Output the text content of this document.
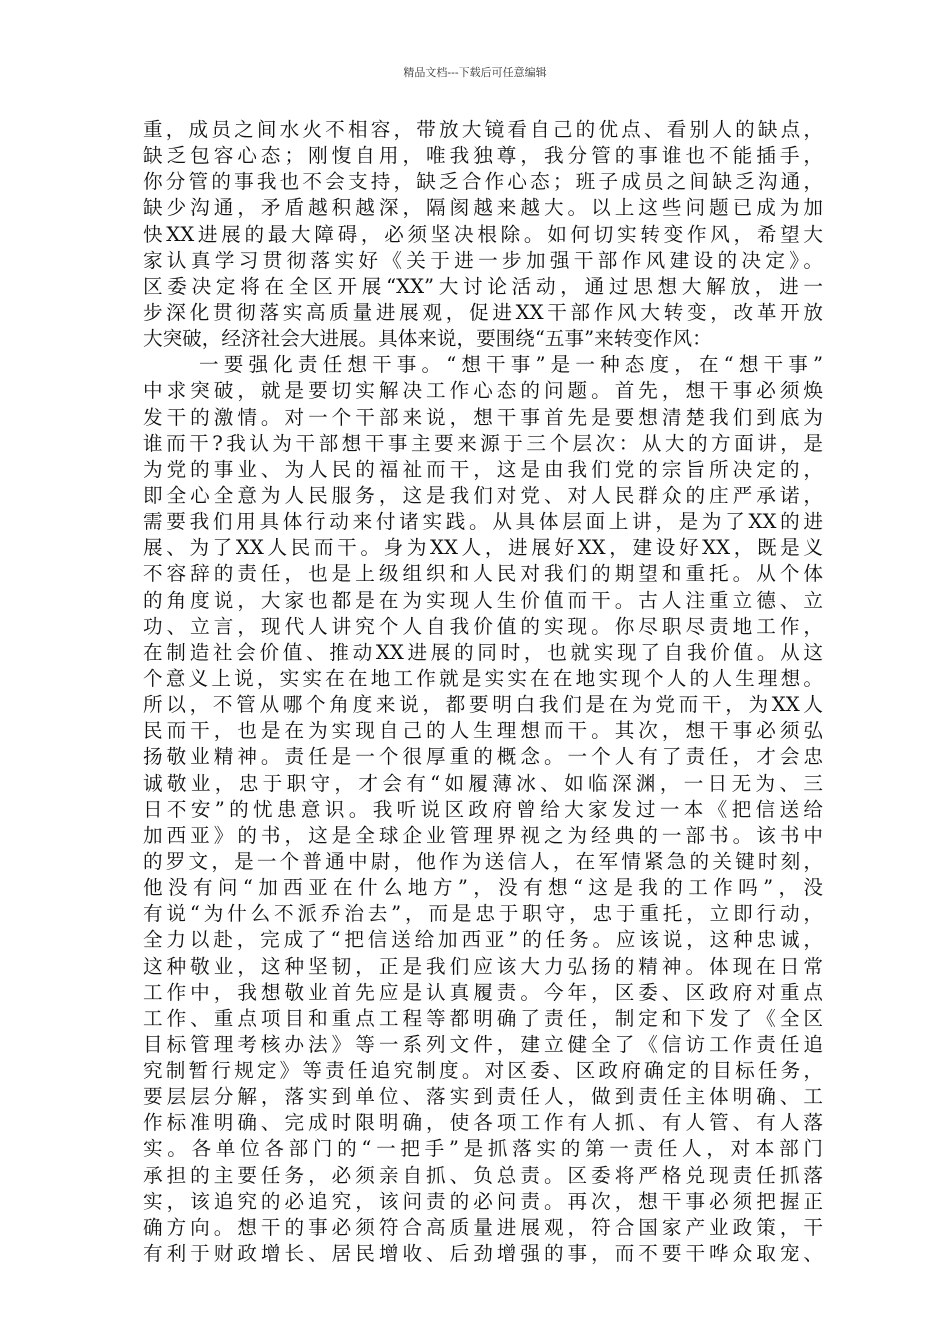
精品文档---下载后可任意编辑
重，成员之间水火不相容，带放大镜看自己的优点、看别人的缺点，
缺乏包容心态；刚愎自用，唯我独尊，我分管的事谁也不能插手，
你分管的事我也不会支持，缺乏合作心态；班子成员之间缺乏沟通，
缺少沟通，矛盾越积越深，隔阂越来越大。以上这些问题已成为加
快XX进展的最大障碍，必须坚决根除。如何切实转变作风，希望大
家认真学习贯彻落实好《关于进一步加强干部作风建设的决定》。
区委决定将在全区开展“XX”大讨论活动，通过思想大解放，进一
步深化贯彻落实高质量进展观，促进XX干部作风大转变，改革开放
大突破，经济社会大进展。具体来说，要围绕“五事”来转变作风：
一要强化责任想干事。“想干事”是一种态度，在“想干事”
中求突破，就是要切实解决工作心态的问题。首先，想干事必须焕
发干的激情。对一个干部来说，想干事首先是要想清楚我们到底为
谁而干?我认为干部想干事主要来源于三个层次：从大的方面讲，是
为党的事业、为人民的福祉而干，这是由我们党的宗旨所决定的，
即全心全意为人民服务，这是我们对党、对人民群众的庄严承诺，
需要我们用具体行动来付诸实践。从具体层面上讲，是为了XX的进
展、为了XX人民而干。身为XX人，进展好XX，建设好XX，既是义
不容辞的责任，也是上级组织和人民对我们的期望和重托。从个体
的角度说，大家也都是在为实现人生价值而干。古人注重立德、立
功、立言，现代人讲究个人自我价值的实现。你尽职尽责地工作，
在制造社会价值、推动XX进展的同时，也就实现了自我价值。从这
个意义上说，实实在在地工作就是实实在在地实现个人的人生理想。
所以，不管从哪个角度来说，都要明白我们是在为党而干，为XX人
民而干，也是在为实现自己的人生理想而干。其次，想干事必须弘
扬敬业精神。责任是一个很厚重的概念。一个人有了责任，才会忠
诚敬业，忠于职守，才会有“如履薄冰、如临深渊，一日无为、三
日不安”的忧患意识。我听说区政府曾给大家发过一本《把信送给
加西亚》的书，这是全球企业管理界视之为经典的一部书。该书中
的罗文，是一个普通中尉，他作为送信人，在军情紧急的关键时刻，
他没有问“加西亚在什么地方”，没有想“这是我的工作吗”，没
有说“为什么不派乔治去”，而是忠于职守，忠于重托，立即行动，
全力以赴，完成了“把信送给加西亚”的任务。应该说，这种忠诚，
这种敬业，这种坚韧，正是我们应该大力弘扬的精神。体现在日常
工作中，我想敬业首先应是认真履责。今年，区委、区政府对重点
工作、重点项目和重点工程等都明确了责任，制定和下发了《全区
目标管理考核办法》等一系列文件，建立健全了《信访工作责任追
究制暂行规定》等责任追究制度。对区委、区政府确定的目标任务，
要层层分解，落实到单位、落实到责任人，做到责任主体明确、工
作标准明确、完成时限明确，使各项工作有人抓、有人管、有人落
实。各单位各部门的“一把手”是抓落实的第一责任人，对本部门
承担的主要任务，必须亲自抓、负总责。区委将严格兑现责任抓落
实，该追究的必追究，该问责的必问责。再次，想干事必须把握正
确方向。想干的事必须符合高质量进展观，符合国家产业政策，干
有利于财政增长、居民增收、后劲增强的事，而不要干哗众取宠、
